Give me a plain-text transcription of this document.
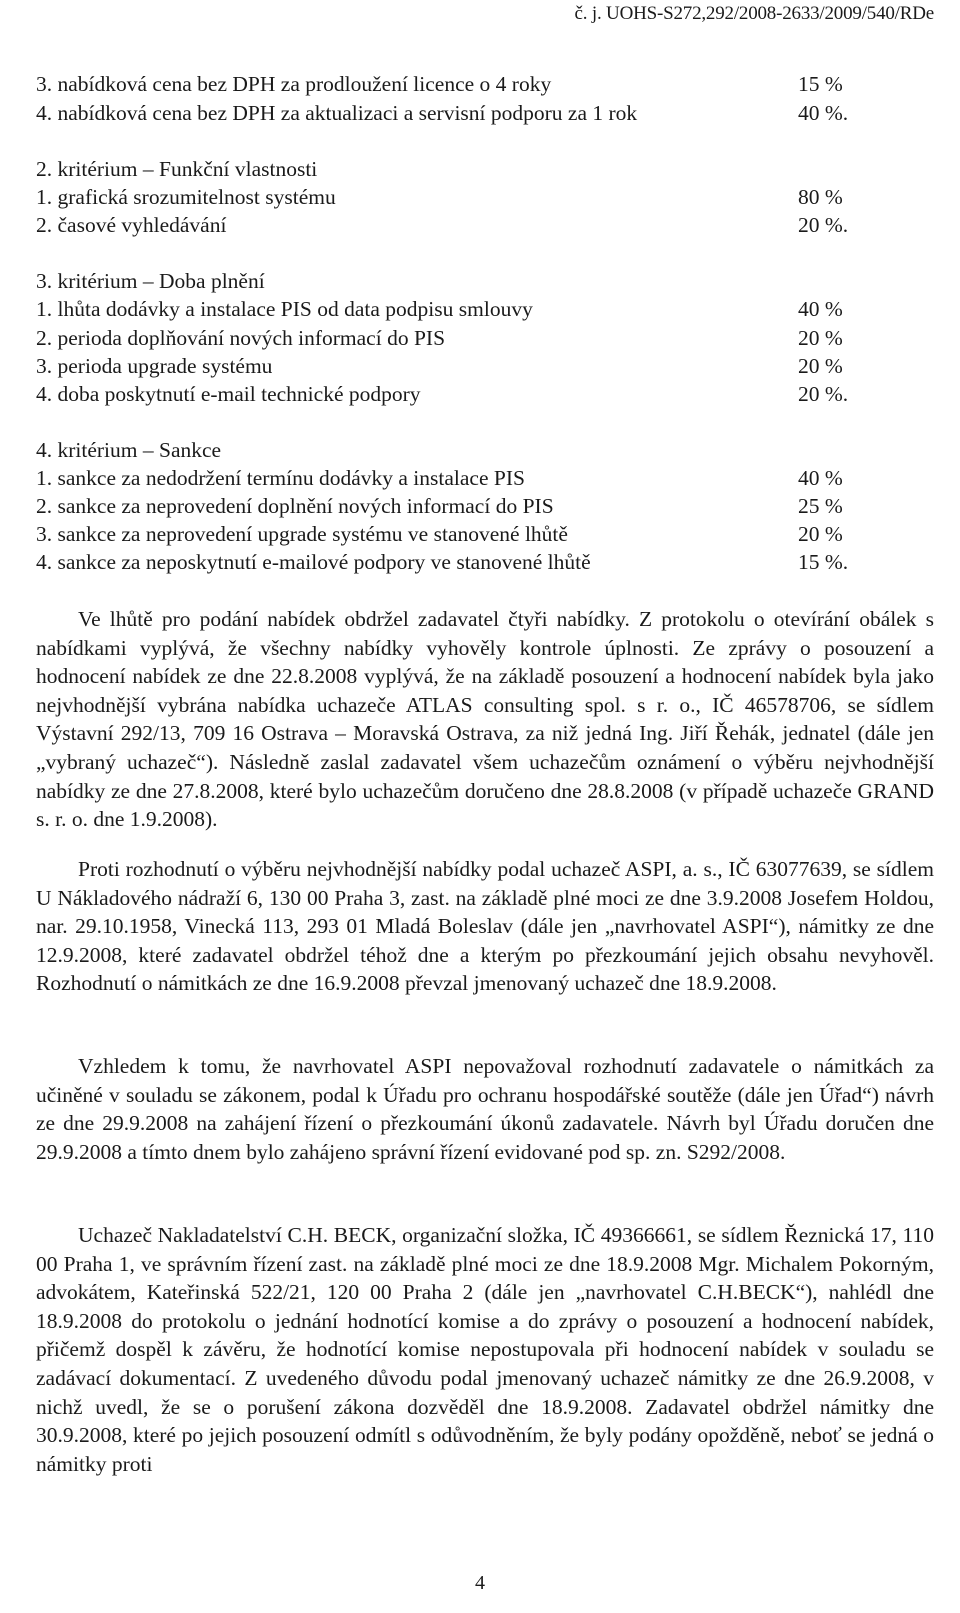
č. j. UOHS-S272,292/2008-2633/2009/540/RDe
3. nabídková cena bez DPH za prodloužení licence o 4 roky	15 %
4. nabídková cena bez DPH za aktualizaci a servisní podporu za 1 rok	40 %.
2. kritérium – Funkční vlastnosti
1. grafická srozumitelnost systému	80 %
2. časové vyhledávání	20 %.
3. kritérium – Doba plnění
1. lhůta dodávky a instalace PIS od data podpisu smlouvy	40 %
2. perioda doplňování nových informací do PIS	20 %
3. perioda upgrade systému	20 %
4. doba poskytnutí e-mail technické podpory	20 %.
4. kritérium – Sankce
1. sankce za nedodržení termínu dodávky a instalace PIS	40 %
2. sankce za neprovedení doplnění nových informací do PIS	25 %
3. sankce za neprovedení upgrade systému ve stanovené lhůtě	20 %
4. sankce za neposkytnutí e-mailové podpory ve stanovené lhůtě	15 %.

Ve lhůtě pro podání nabídek obdržel zadavatel čtyři nabídky. Z protokolu o otevírání obálek s nabídkami vyplývá, že všechny nabídky vyhověly kontrole úplnosti. Ze zprávy o posouzení a hodnocení nabídek ze dne 22.8.2008 vyplývá, že na základě posouzení a hodnocení nabídek byla jako nejvhodnější vybrána nabídka uchazeče ATLAS consulting spol. s r. o., IČ 46578706, se sídlem Výstavní 292/13, 709 16 Ostrava – Moravská Ostrava, za niž jedná Ing. Jiří Řehák, jednatel (dále jen „vybraný uchazeč“). Následně zaslal zadavatel všem uchazečům oznámení o výběru nejvhodnější nabídky ze dne 27.8.2008, které bylo uchazečům doručeno dne 28.8.2008 (v případě uchazeče GRAND s. r. o. dne 1.9.2008).

Proti rozhodnutí o výběru nejvhodnější nabídky podal uchazeč ASPI, a. s., IČ 63077639, se sídlem U Nákladového nádraží 6, 130 00 Praha 3, zast. na základě plné moci ze dne 3.9.2008 Josefem Holdou, nar. 29.10.1958, Vinecká 113, 293 01 Mladá Boleslav (dále jen „navrhovatel ASPI“), námitky ze dne 12.9.2008, které zadavatel obdržel téhož dne a kterým po přezkoumání jejich obsahu nevyhověl. Rozhodnutí o námitkách ze dne 16.9.2008 převzal jmenovaný uchazeč dne 18.9.2008.

Vzhledem k tomu, že navrhovatel ASPI nepovažoval rozhodnutí zadavatele o námitkách za učiněné v souladu se zákonem, podal k Úřadu pro ochranu hospodářské soutěže (dále jen Úřad“) návrh ze dne 29.9.2008 na zahájení řízení o přezkoumání úkonů zadavatele. Návrh byl Úřadu doručen dne 29.9.2008 a tímto dnem bylo zahájeno správní řízení evidované pod sp. zn. S292/2008.

Uchazeč Nakladatelství C.H. BECK, organizační složka, IČ 49366661, se sídlem Řeznická 17, 110 00 Praha 1, ve správním řízení zast. na základě plné moci ze dne 18.9.2008 Mgr. Michalem Pokorným, advokátem, Kateřinská 522/21, 120 00 Praha 2 (dále jen „navrhovatel C.H.BECK“), nahlédl dne 18.9.2008 do protokolu o jednání hodnotící komise a do zprávy o posouzení a hodnocení nabídek, přičemž dospěl k závěru, že hodnotící komise nepostupovala při hodnocení nabídek v souladu se zadávací dokumentací. Z uvedeného důvodu podal jmenovaný uchazeč námitky ze dne 26.9.2008, v nichž uvedl, že se o porušení zákona dozvěděl dne 18.9.2008. Zadavatel obdržel námitky dne 30.9.2008, které po jejich posouzení odmítl s odůvodněním, že byly podány opožděně, neboť se jedná o námitky proti

4
